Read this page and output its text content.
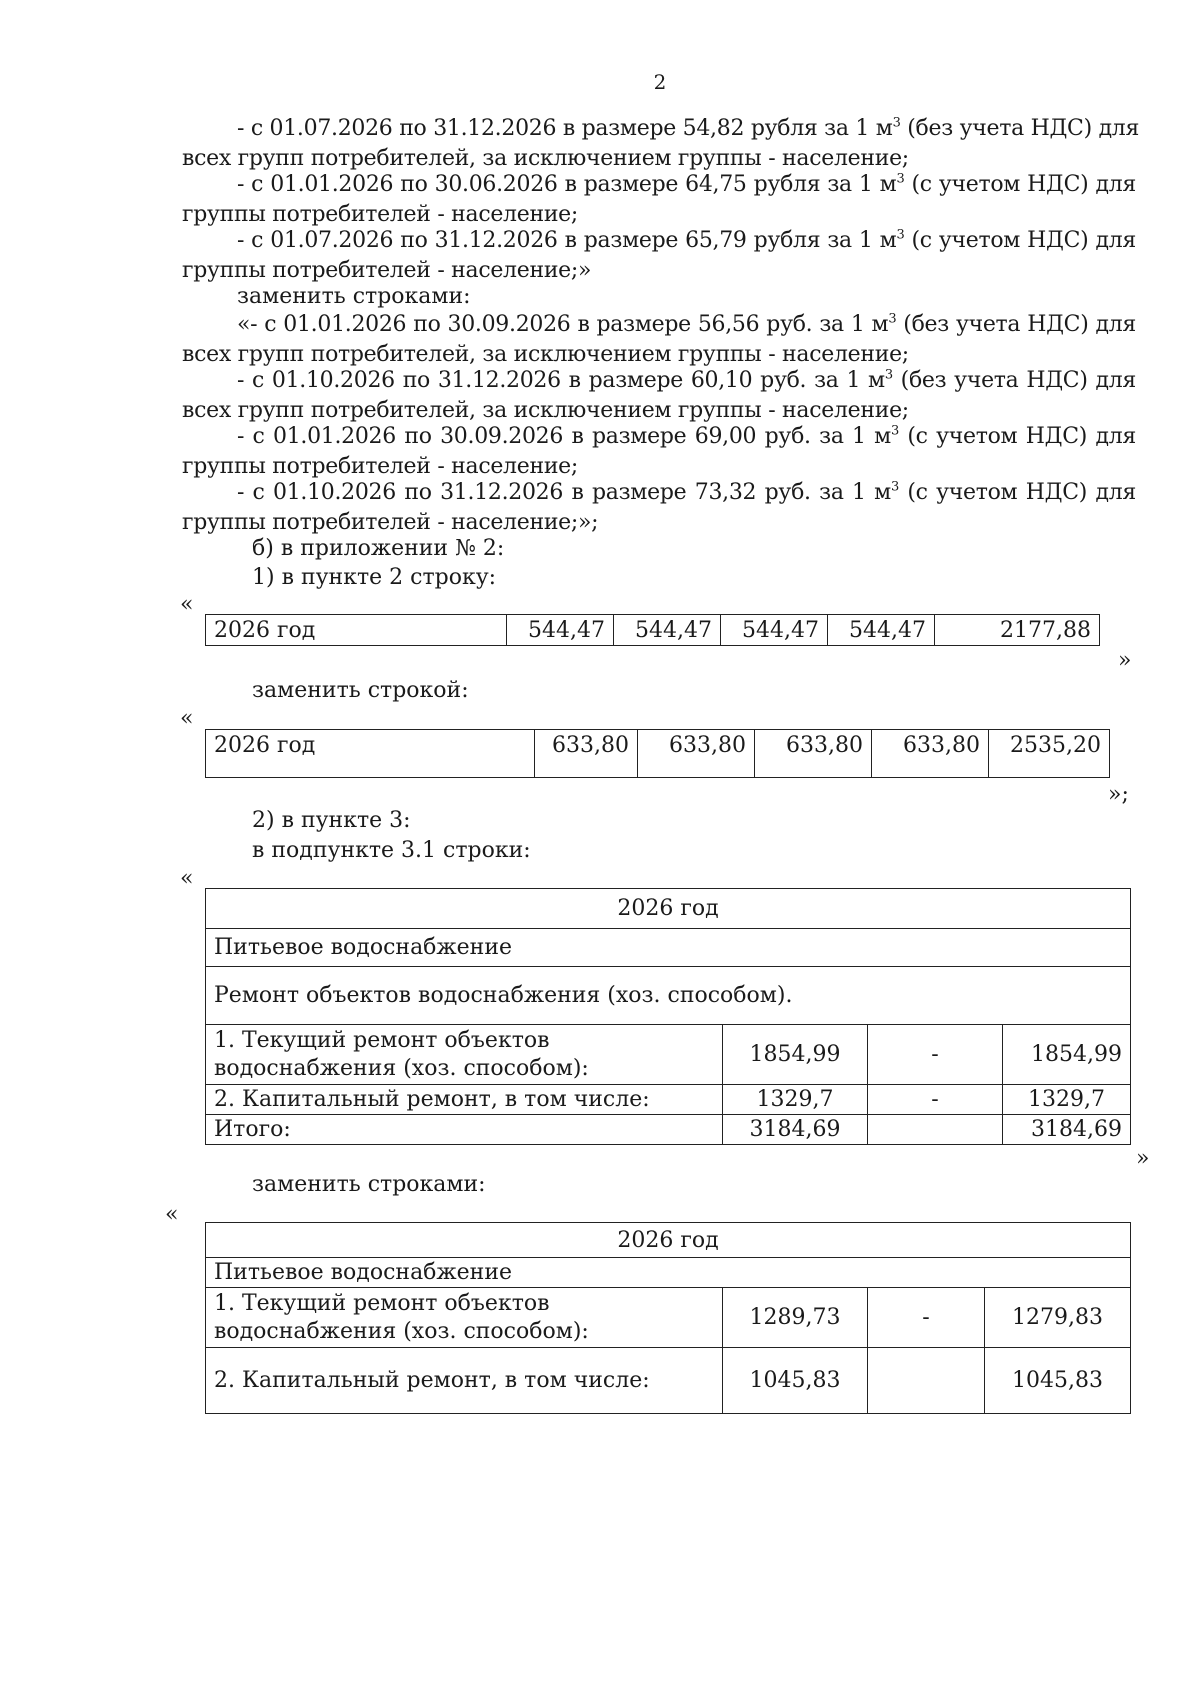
2
- с 01.07.2026 по 31.12.2026 в размере 54,82 рубля за 1 $м^3$ (без учета НДС) для
всех групп потребителей, за исключением группы - население;
- с 01.01.2026 по 30.06.2026 в размере 64,75 рубля за 1 $м^3$ (с учетом НДС) для
группы потребителей - население;
- с 01.07.2026 по 31.12.2026 в размере 65,79 рубля за 1 $м^3$ (с учетом НДС) для
группы потребителей - население;»
заменить строками:
«- с 01.01.2026 по 30.09.2026 в размере 56,56 руб. за 1 $м^3$ (без учета НДС) для
всех групп потребителей, за исключением группы - население;
- с 01.10.2026 по 31.12.2026 в размере 60,10 руб. за 1 $м^3$ (без учета НДС) для
всех групп потребителей, за исключением группы - население;
- с 01.01.2026 по 30.09.2026 в размере 69,00 руб. за 1 $м^3$ (с учетом НДС) для
группы потребителей - население;
- с 01.10.2026 по 31.12.2026 в размере 73,32 руб. за 1 $м^3$ (с учетом НДС) для
группы потребителей - население;»;
б) в приложении № 2:
1) в пункте 2 строку:
«
2026 год	544,47	544,47	544,47	544,47	2177,88
»
заменить строкой:
«
2026 год	633,80	633,80	633,80	633,80	2535,20
»;
2) в пункте 3:
в подпункте 3.1 строки:
«
2026 год			
Питьевое водоснабжение			
Ремонт объектов водоснабжения (хоз. способом).			
1. Текущий ремонт объектов
водоснабжения (хоз. способом):	1854,99	-	1854,99
2. Капитальный ремонт, в том числе:	1329,7	-	1329,7
Итого:	3184,69		3184,69
»
заменить строками:
«
2026 год			
Питьевое водоснабжение			
1. Текущий ремонт объектов
водоснабжения (хоз. способом):	1289,73	-	1279,83
2. Капитальный ремонт, в том числе:	1045,83		1045,83
